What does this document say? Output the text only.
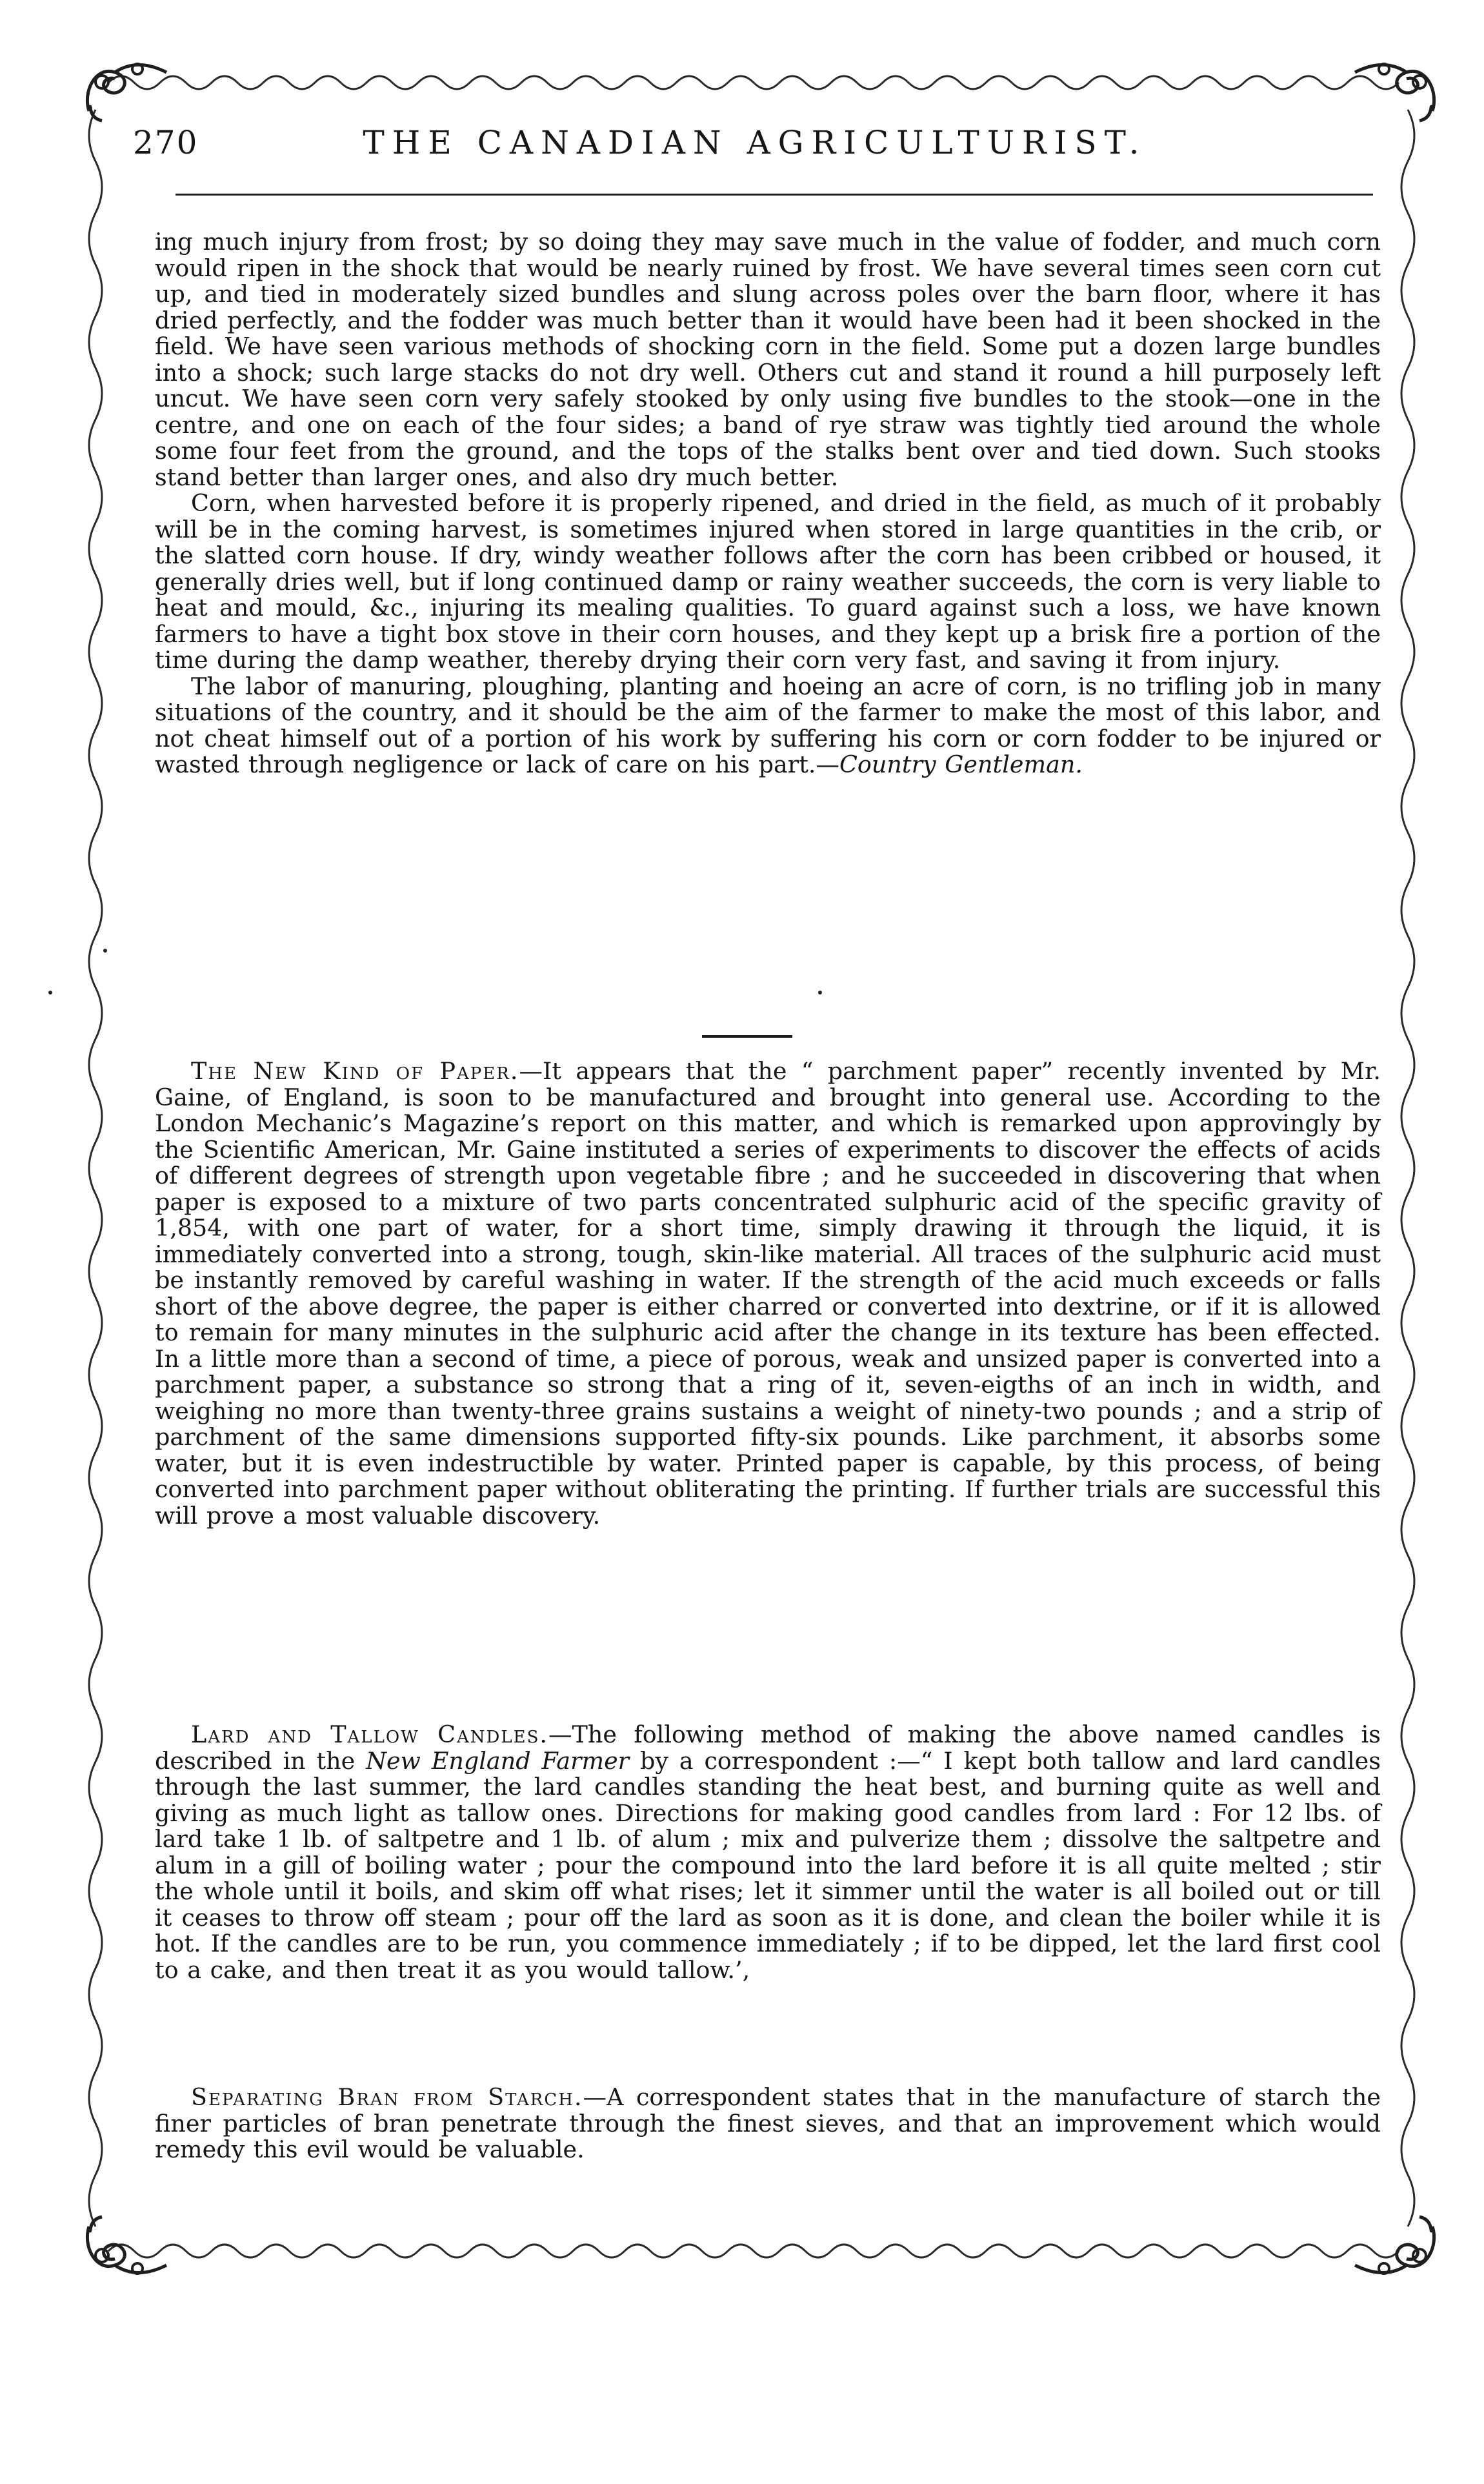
270	THE CANADIAN AGRICULTURIST.

ing much injury from frost; by so doing they may save much in the value of fodder, and much corn would ripen in the shock that would be nearly ruined by frost. We have several times seen corn cut up, and tied in moderately sized bundles and slung across poles over the barn floor, where it has dried perfectly, and the fodder was much better than it would have been had it been shocked in the field. We have seen various methods of shocking corn in the field. Some put a dozen large bundles into a shock; such large stacks do not dry well. Others cut and stand it round a hill purposely left uncut. We have seen corn very safely stooked by only using five bundles to the stook—one in the centre, and one on each of the four sides; a band of rye straw was tightly tied around the whole some four feet from the ground, and the tops of the stalks bent over and tied down. Such stooks stand better than larger ones, and also dry much better.

Corn, when harvested before it is properly ripened, and dried in the field, as much of it probably will be in the coming harvest, is sometimes injured when stored in large quantities in the crib, or the slatted corn house. If dry, windy weather follows after the corn has been cribbed or housed, it generally dries well, but if long continued damp or rainy weather succeeds, the corn is very liable to heat and mould, &c., injuring its mealing qualities. To guard against such a loss, we have known farmers to have a tight box stove in their corn houses, and they kept up a brisk fire a portion of the time during the damp weather, thereby drying their corn very fast, and saving it from injury.

The labor of manuring, ploughing, planting and hoeing an acre of corn, is no trifling job in many situations of the country, and it should be the aim of the farmer to make the most of this labor, and not cheat himself out of a portion of his work by suffering his corn or corn fodder to be injured or wasted through negligence or lack of care on his part.—Country Gentleman.

The New Kind of Paper.—It appears that the “ parchment paper” recently invented by Mr. Gaine, of England, is soon to be manufactured and brought into general use. According to the London Mechanic’s Magazine’s report on this matter, and which is remarked upon approvingly by the Scientific American, Mr. Gaine instituted a series of experiments to discover the effects of acids of different degrees of strength upon vegetable fibre ; and he succeeded in discovering that when paper is exposed to a mixture of two parts concentrated sulphuric acid of the specific gravity of 1,854, with one part of water, for a short time, simply drawing it through the liquid, it is immediately converted into a strong, tough, skin-like material. All traces of the sulphuric acid must be instantly removed by careful washing in water. If the strength of the acid much exceeds or falls short of the above degree, the paper is either charred or converted into dextrine, or if it is allowed to remain for many minutes in the sulphuric acid after the change in its texture has been effected. In a little more than a second of time, a piece of porous, weak and unsized paper is converted into a parchment paper, a substance so strong that a ring of it, seven-eigths of an inch in width, and weighing no more than twenty-three grains sustains a weight of ninety-two pounds ; and a strip of parchment of the same dimensions supported fifty-six pounds. Like parchment, it absorbs some water, but it is even indestructible by water. Printed paper is capable, by this process, of being converted into parchment paper without obliterating the printing. If further trials are successful this will prove a most valuable discovery.

Lard and Tallow Candles.—The following method of making the above named candles is described in the New England Farmer by a correspondent :—“ I kept both tallow and lard candles through the last summer, the lard candles standing the heat best, and burning quite as well and giving as much light as tallow ones. Directions for making good candles from lard : For 12 lbs. of lard take 1 lb. of saltpetre and 1 lb. of alum ; mix and pulverize them ; dissolve the saltpetre and alum in a gill of boiling water ; pour the compound into the lard before it is all quite melted ; stir the whole until it boils, and skim off what rises; let it simmer until the water is all boiled out or till it ceases to throw off steam ; pour off the lard as soon as it is done, and clean the boiler while it is hot. If the candles are to be run, you commence immediately ; if to be dipped, let the lard first cool to a cake, and then treat it as you would tallow.’,

Separating Bran from Starch.—A correspondent states that in the manufacture of starch the finer particles of bran penetrate through the finest sieves, and that an improvement which would remedy this evil would be valuable.
